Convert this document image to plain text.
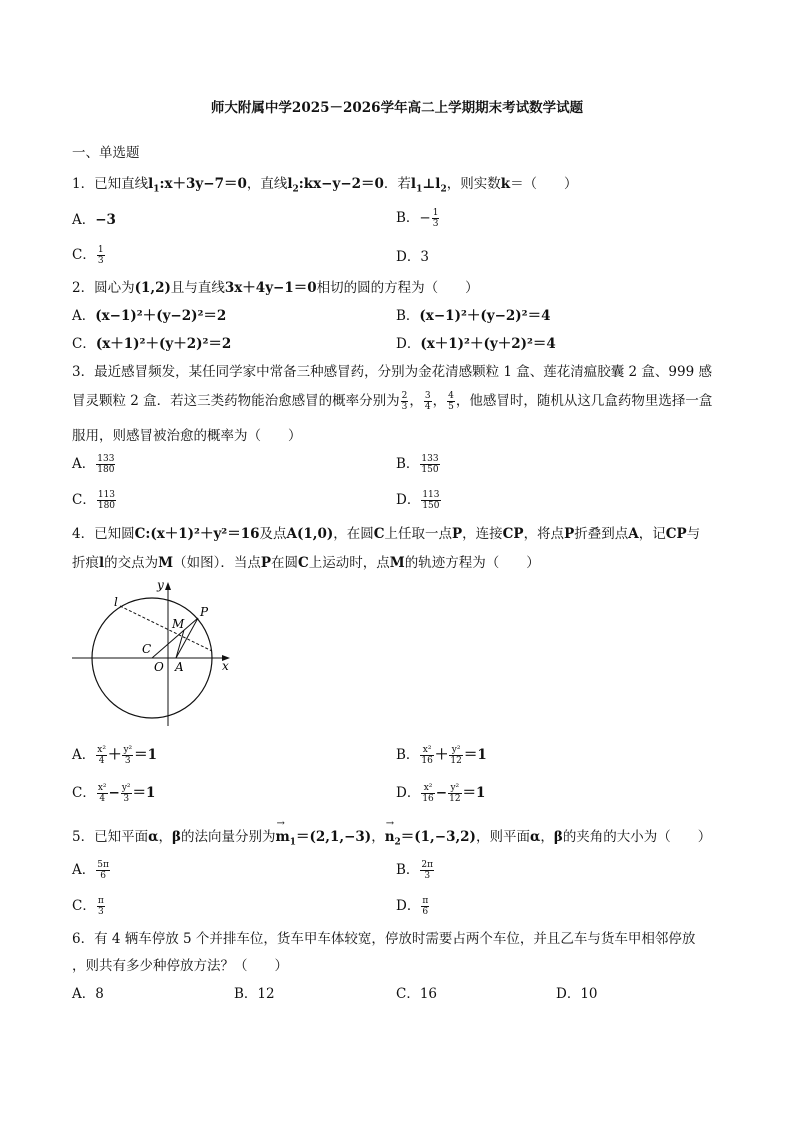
师大附属中学2025－2026学年高二上学期期末考试数学试题
一、单选题
1．已知直线$l_1:x+3y-7=0$，直线$l_2:kx-y-2=0$．若$l_1\perp l_2$，则实数k＝（　　）
A．−3	B．− $\frac{1}{3}$
C． $\frac{1}{3}$	D．3
2．圆心为(1,2)且与直线3x＋4y−1＝0相切的圆的方程为（　　）
A．(x−1)²＋(y−2)²＝2	B．(x−1)²＋(y−2)²＝4
C．(x＋1)²＋(y＋2)²＝2	D．(x＋1)²＋(y＋2)²＝4
3．最近感冒频发，某任同学家中常备三种感冒药，分别为金花清感颗粒 1 盒、莲花清瘟胶囊 2 盒、999 感
冒灵颗粒 2 盒．若这三类药物能治愈感冒的概率分别为 $\frac{2}{3}$ ， $\frac{3}{4}$ ， $\frac{4}{5}$ ，他感冒时，随机从这几盒药物里选择一盒
服用，则感冒被治愈的概率为（　　）
A． $\frac{133}{180}$	B． $\frac{133}{150}$
C． $\frac{113}{180}$	D． $\frac{113}{150}$
4．已知圆C:(x＋1)²＋y²＝16及点A(1,0)，在圆C上任取一点P，连接CP，将点P折叠到点A，记CP与
折痕l的交点为M（如图）．当点P在圆C上运动时，点M的轨迹方程为（　　）
l
P
M
C
O A	x
y
A． $\frac{\text{x²}}{4} + \frac{\text{y²}}{3} =1$	B． $\frac{\text{x²}}{16} + \frac{\text{y²}}{12} =1$
C． $\frac{\text{x²}}{4} - \frac{\text{y²}}{3} =1$	D． $\frac{\text{x²}}{16} - \frac{\text{y²}}{12} =1$
5．已知平面α，β的法向量分别为
→
$m_1=(2,1,-3)$，
→
$n_2=(1,-3,2)$，则平面α，β的夹角的大小为（　　）
A． $\frac{5\pi}{6}$	B． $\frac{2\pi}{3}$
C． $\frac{\pi}{3}$	D． $\frac{\pi}{6}$
6．有 4 辆车停放 5 个并排车位，货车甲车体较宽，停放时需要占两个车位，并且乙车与货车甲相邻停放
，则共有多少种停放方法？（　　）
A．8	B．12	C．16	D．10
